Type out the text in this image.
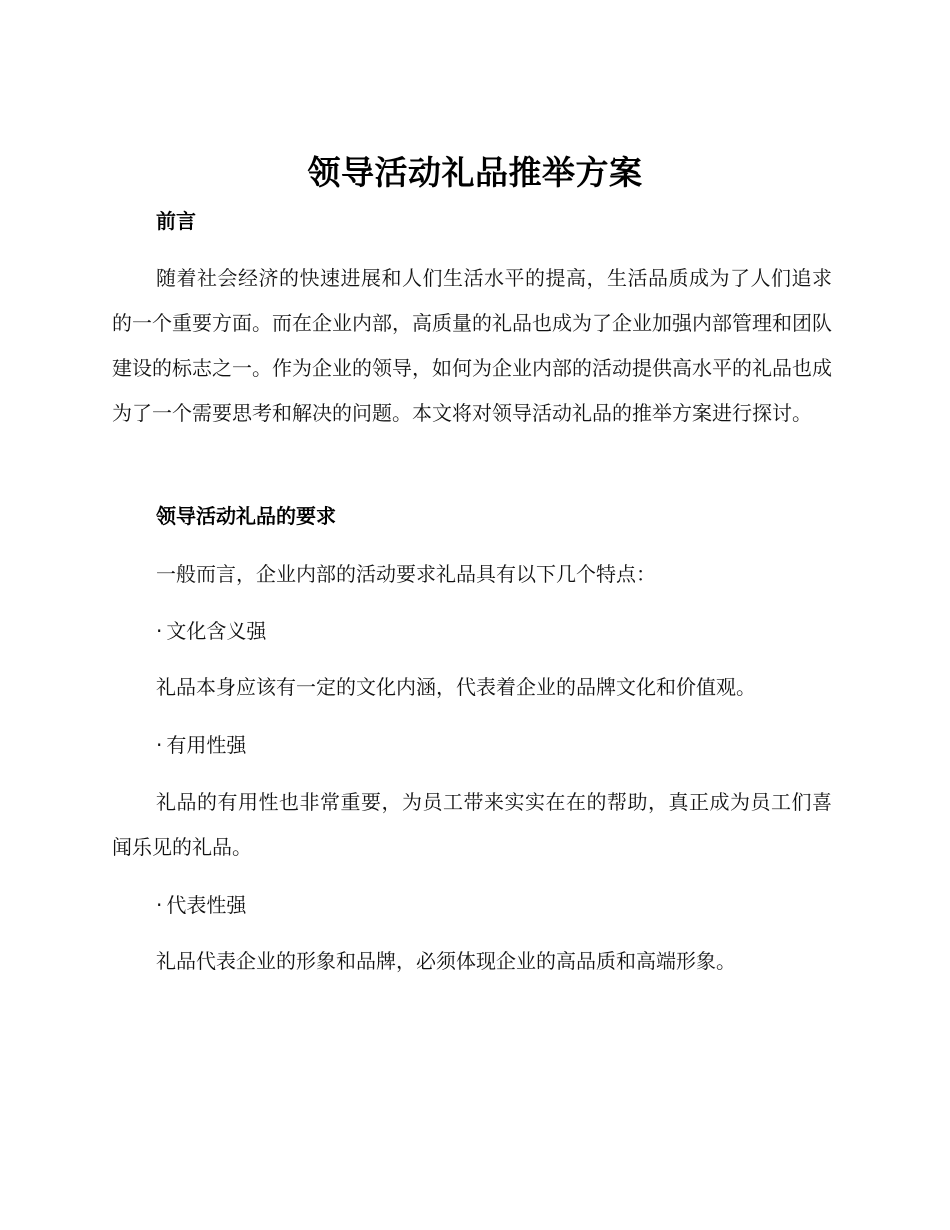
领导活动礼品推举方案
前言

随着社会经济的快速进展和人们生活水平的提高，生活品质成为了人们追求的一个重要方面。而在企业内部，高质量的礼品也成为了企业加强内部管理和团队建设的标志之一。作为企业的领导，如何为企业内部的活动提供高水平的礼品也成为了一个需要思考和解决的问题。本文将对领导活动礼品的推举方案进行探讨。

领导活动礼品的要求
一般而言，企业内部的活动要求礼品具有以下几个特点：
· 文化含义强

礼品本身应该有一定的文化内涵，代表着企业的品牌文化和价值观。

· 有用性强

礼品的有用性也非常重要，为员工带来实实在在的帮助，真正成为员工们喜闻乐见的礼品。

· 代表性强

礼品代表企业的形象和品牌，必须体现企业的高品质和高端形象。
